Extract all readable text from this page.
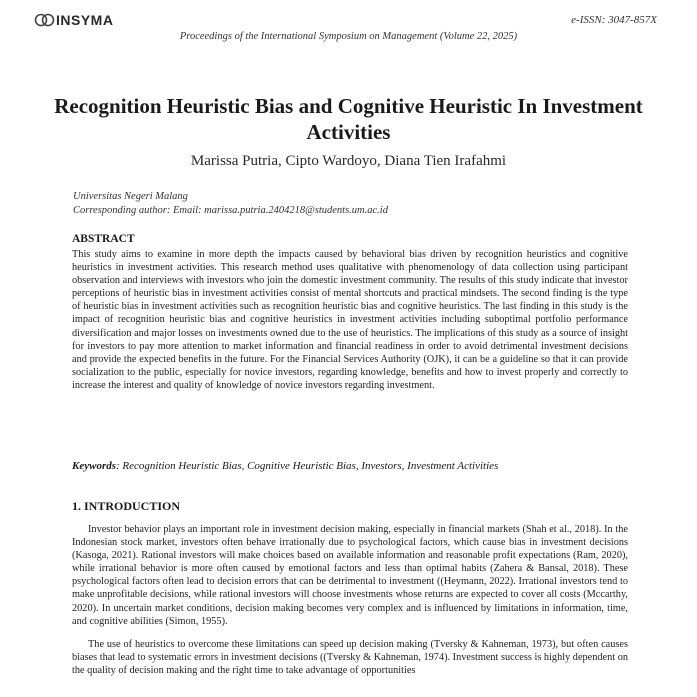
INSYMA	e-ISSN: 3047-857X
Proceedings of the International Symposium on Management (Volume 22, 2025)
Recognition Heuristic Bias and Cognitive Heuristic In Investment Activities
Marissa Putria, Cipto Wardoyo, Diana Tien Irafahmi
Universitas Negeri Malang
Corresponding author: Email: marissa.putria.2404218@students.um.ac.id
ABSTRACT
This study aims to examine in more depth the impacts caused by behavioral bias driven by recognition heuristics and cognitive heuristics in investment activities. This research method uses qualitative with phenomenology of data collection using participant observation and interviews with investors who join the domestic investment community. The results of this study indicate that investor perceptions of heuristic bias in investment activities consist of mental shortcuts and practical mindsets. The second finding is the type of heuristic bias in investment activities such as recognition heuristic bias and cognitive heuristics. The last finding in this study is the impact of recognition heuristic bias and cognitive heuristics in investment activities including suboptimal portfolio performance diversification and major losses on investments owned due to the use of heuristics. The implications of this study as a source of insight for investors to pay more attention to market information and financial readiness in order to avoid detrimental investment decisions and provide the expected benefits in the future. For the Financial Services Authority (OJK), it can be a guideline so that it can provide socialization to the public, especially for novice investors, regarding knowledge, benefits and how to invest properly and correctly to increase the interest and quality of knowledge of novice investors regarding investment.
Keywords: Recognition Heuristic Bias, Cognitive Heuristic Bias, Investors, Investment Activities
1. INTRODUCTION

Investor behavior plays an important role in investment decision making, especially in financial markets (Shah et al., 2018). In the Indonesian stock market, investors often behave irrationally due to psychological factors, which cause bias in investment decisions (Kasoga, 2021). Rational investors will make choices based on available information and reasonable profit expectations (Ram, 2020), while irrational behavior is more often caused by emotional factors and less than optimal habits (Zahera & Bansal, 2018). These psychological factors often lead to decision errors that can be detrimental to investment ((Heymann, 2022). Irrational investors tend to make unprofitable decisions, while rational investors will choose investments whose returns are expected to cover all costs (Mccarthy, 2020). In uncertain market conditions, decision making becomes very complex and is influenced by limitations in information, time, and cognitive abilities (Simon, 1955).

The use of heuristics to overcome these limitations can speed up decision making (Tversky & Kahneman, 1973), but often causes biases that lead to systematic errors in investment decisions ((Tversky & Kahneman, 1974). Investment success is highly dependent on the quality of decision making and the right time to take advantage of opportunities
